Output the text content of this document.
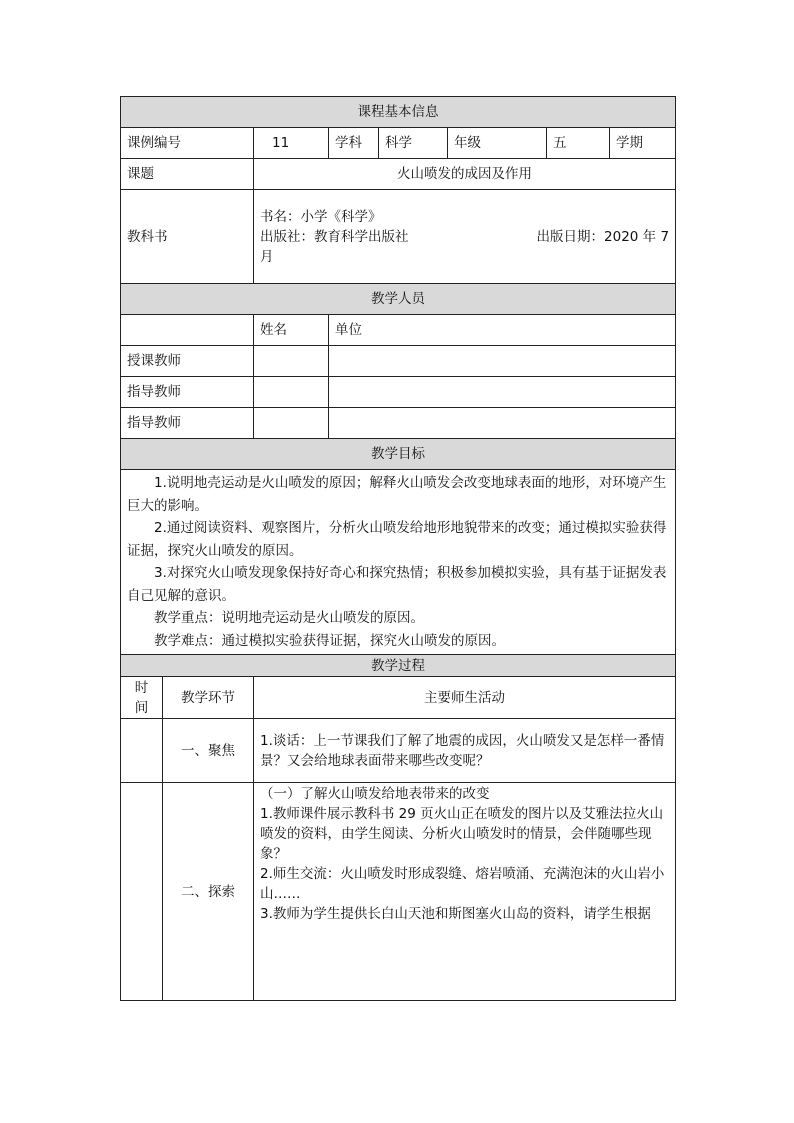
课程基本信息							
课例编号		11	学科	科学	年级	五	学期
课题		火山喷发的成因及作用					
教科书		书名：小学《科学》
出版社：教育科学出版社 出版日期：2020 年 7
月					

教学人员							
		姓名	单位				
授课教师							
指导教师							
指导教师							
教学目标							

1.说明地壳运动是火山喷发的原因；解释火山喷发会改变地球表面的地形，对环境产生巨大的影响。
2.通过阅读资料、观察图片，分析火山喷发给地形地貌带来的改变；通过模拟实验获得证据，探究火山喷发的原因。
3.对探究火山喷发现象保持好奇心和探究热情；积极参加模拟实验，具有基于证据发表自己见解的意识。
教学重点：说明地壳运动是火山喷发的原因。
教学难点：通过模拟实验获得证据，探究火山喷发的原因。							

教学过程							

时间	教学环节	主要师生活动					
	一、聚焦	1.谈话：上一节课我们了解了地震的成因，火山喷发又是怎样一番情景？又会给地球表面带来哪些改变呢？					

	二、探索	（一）了解火山喷发给地表带来的改变
1.教师课件展示教科书 29 页火山正在喷发的图片以及艾雅法拉火山喷发的资料，由学生阅读、分析火山喷发时的情景，会伴随哪些现象？
2.师生交流：火山喷发时形成裂缝、熔岩喷涌、充满泡沫的火山岩小山……
3.教师为学生提供长白山天池和斯图塞火山岛的资料，请学生根据					
